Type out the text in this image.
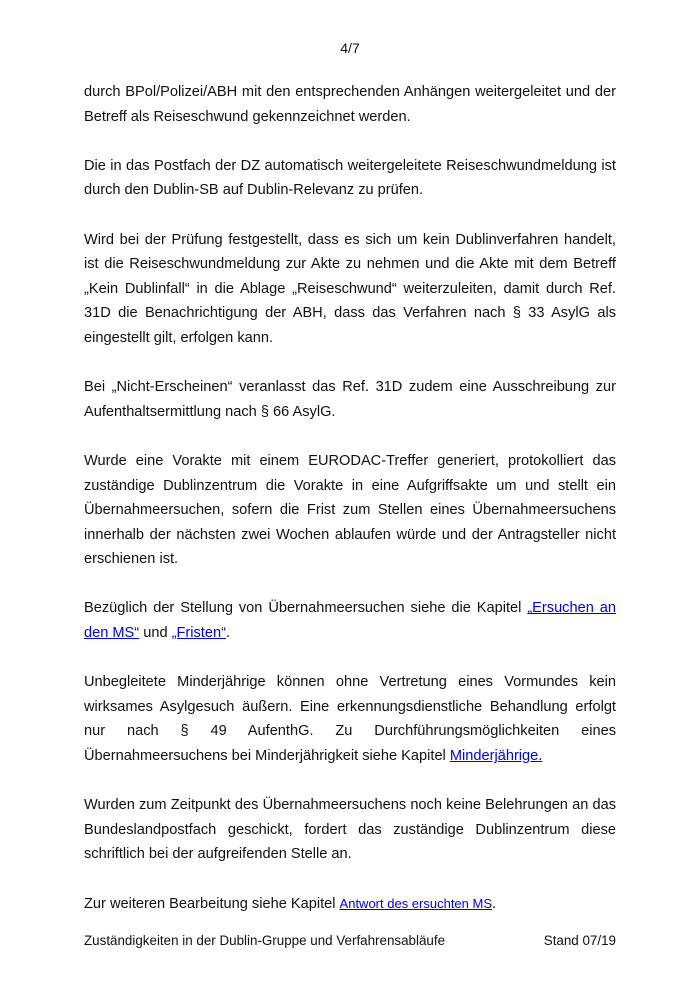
4/7

durch BPol/Polizei/ABH mit den entsprechenden Anhängen weitergeleitet und der Betreff als Reiseschwund gekennzeichnet werden.

Die in das Postfach der DZ automatisch weitergeleitete Reiseschwundmeldung ist durch den Dublin-SB auf Dublin-Relevanz zu prüfen.

Wird bei der Prüfung festgestellt, dass es sich um kein Dublinverfahren handelt, ist die Reiseschwundmeldung zur Akte zu nehmen und die Akte mit dem Betreff „Kein Dublinfall“ in die Ablage „Reiseschwund“ weiterzuleiten, damit durch Ref. 31D die Benachrichtigung der ABH, dass das Verfahren nach § 33 AsylG als eingestellt gilt, erfolgen kann.

Bei „Nicht-Erscheinen“ veranlasst das Ref. 31D zudem eine Ausschreibung zur Aufenthaltsermittlung nach § 66 AsylG.

Wurde eine Vorakte mit einem EURODAC-Treffer generiert, protokolliert das zuständige Dublinzentrum die Vorakte in eine Aufgriffsakte um und stellt ein Übernahmeersuchen, sofern die Frist zum Stellen eines Übernahmeersuchens innerhalb der nächsten zwei Wochen ablaufen würde und der Antragsteller nicht erschienen ist.

Bezüglich der Stellung von Übernahmeersuchen siehe die Kapitel „Ersuchen an den MS“ und „Fristen“.

Unbegleitete Minderjährige können ohne Vertretung eines Vormundes kein wirksames Asylgesuch äußern. Eine erkennungsdienstliche Behandlung erfolgt nur nach § 49 AufenthG. Zu Durchführungsmöglichkeiten eines Übernahmeersuchens bei Minderjährigkeit siehe Kapitel Minderjährige.

Wurden zum Zeitpunkt des Übernahmeersuchens noch keine Belehrungen an das Bundeslandpostfach geschickt, fordert das zuständige Dublinzentrum diese schriftlich bei der aufgreifenden Stelle an.

Zur weiteren Bearbeitung siehe Kapitel Antwort des ersuchten MS.

Zuständigkeiten in der Dublin-Gruppe und Verfahrensabläufe	Stand 07/19
